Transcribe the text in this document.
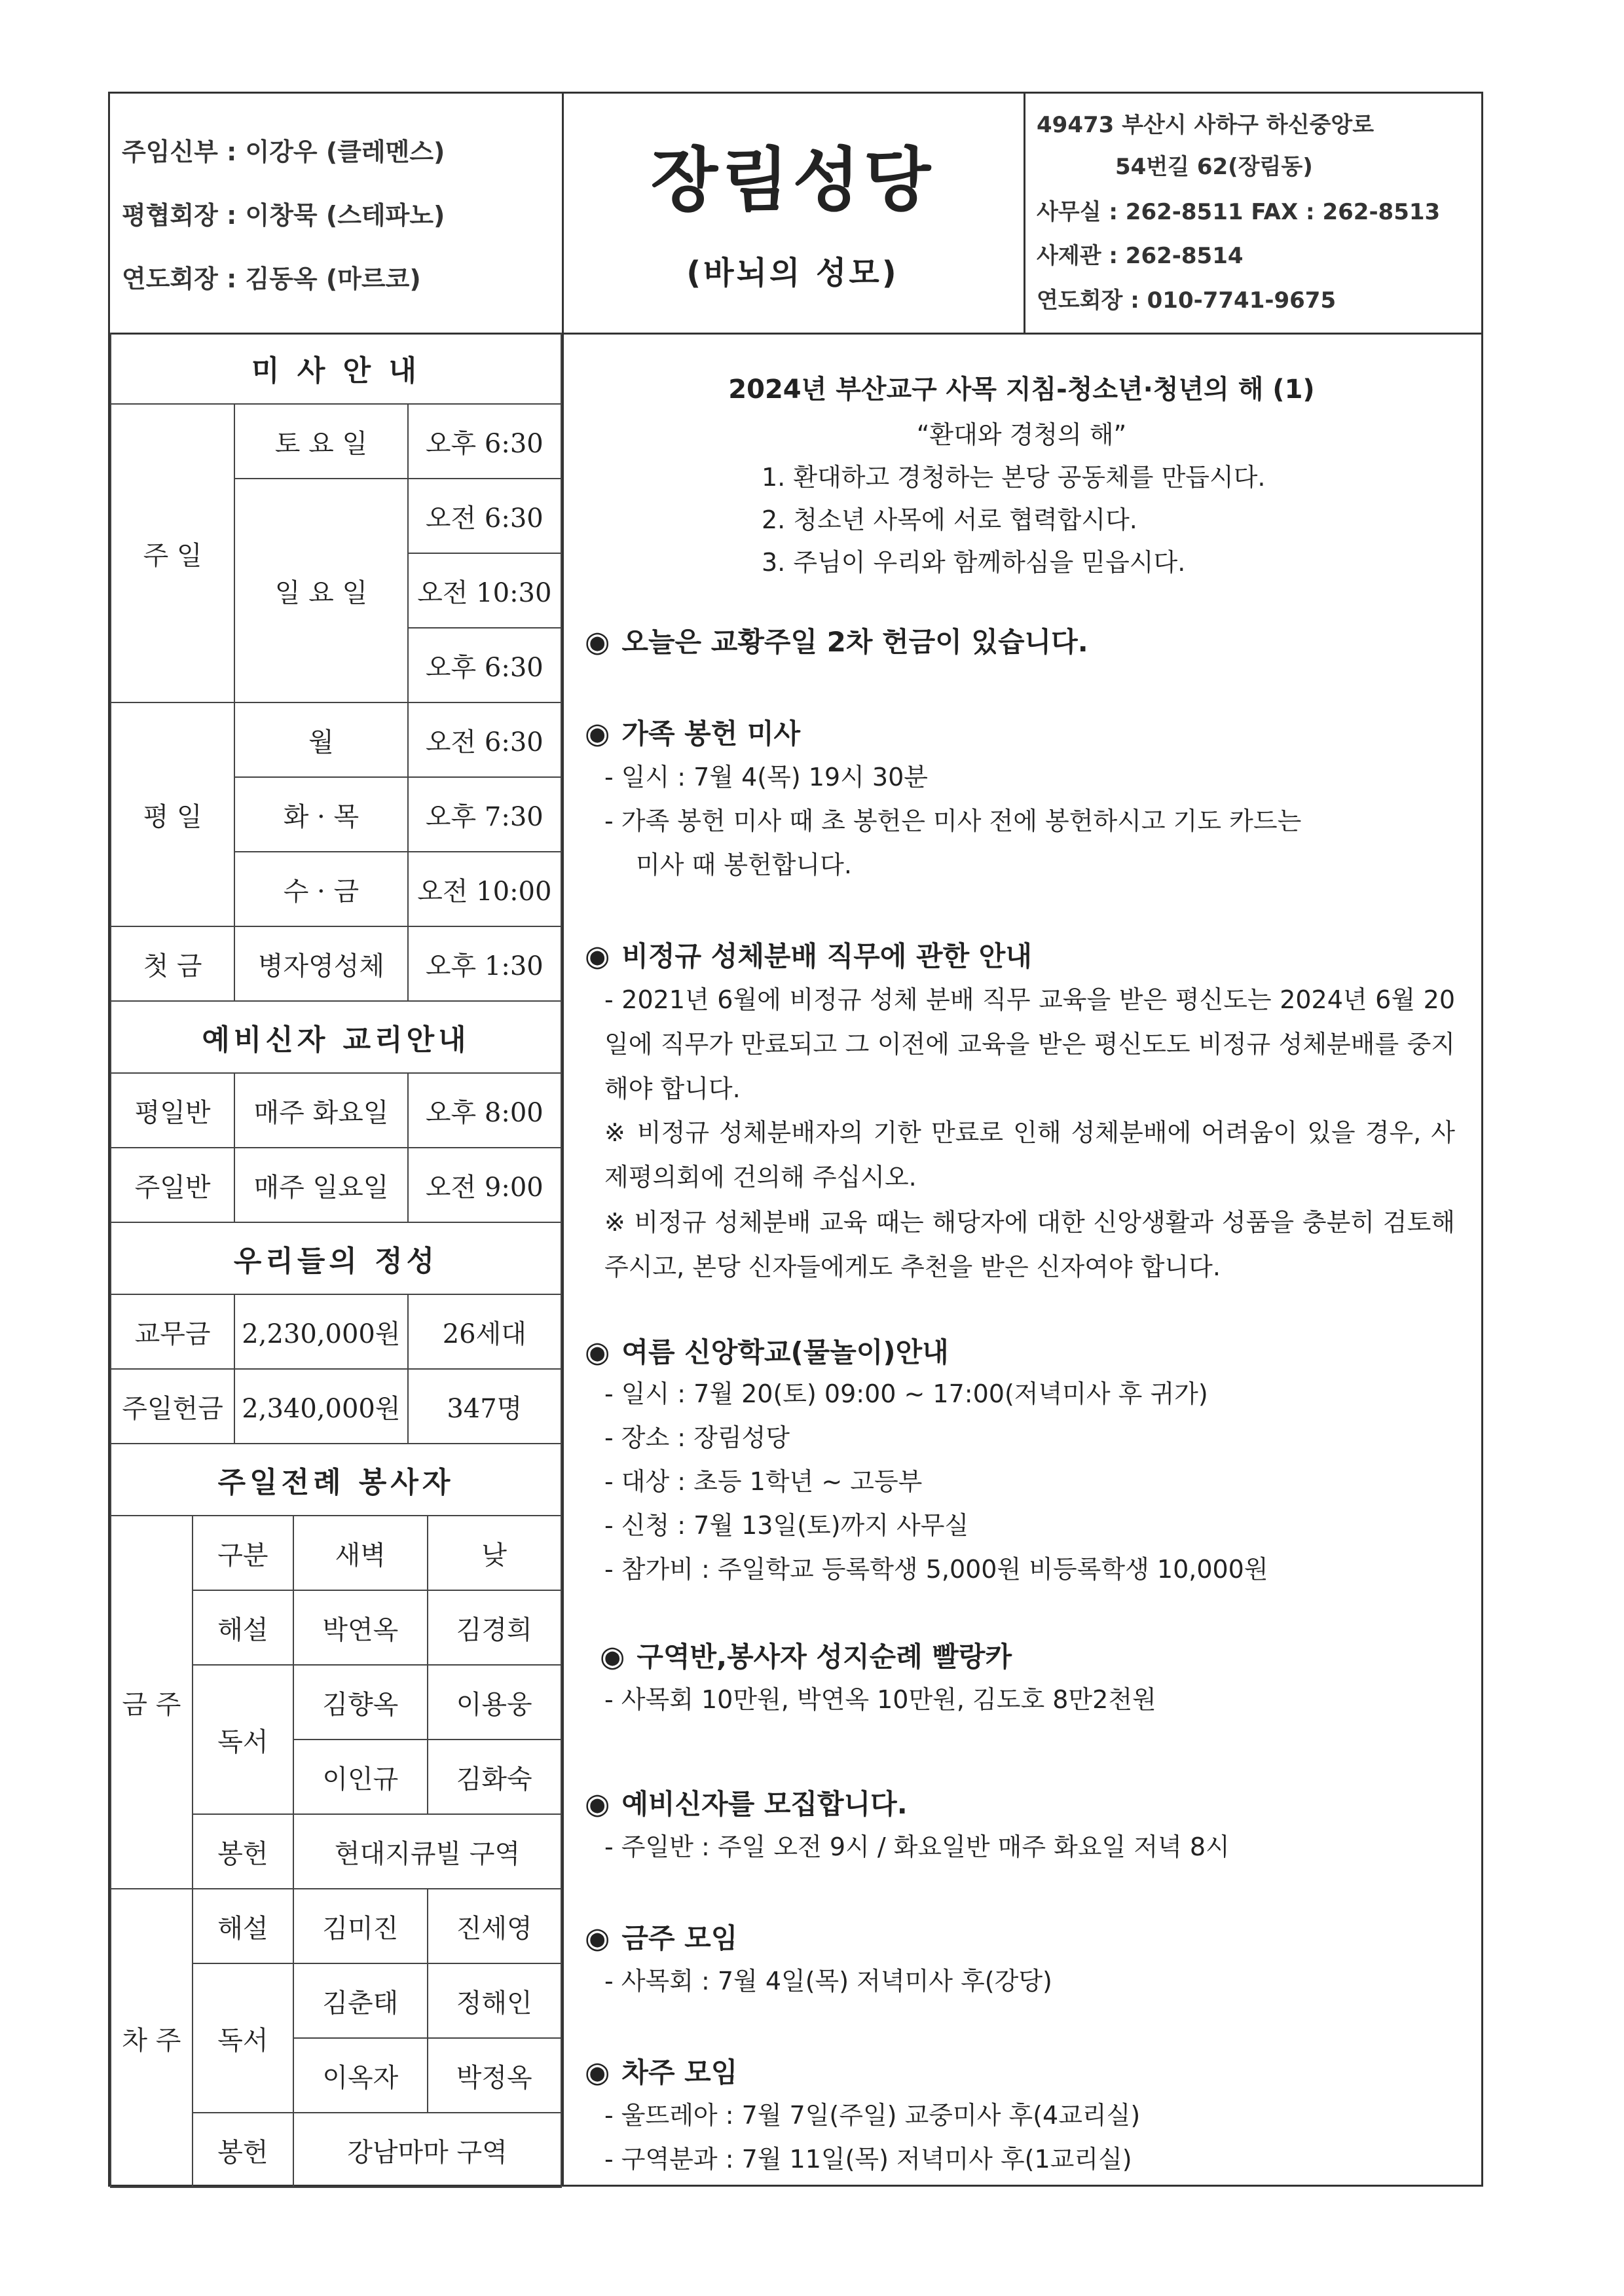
주임신부 : 이강우 (클레멘스)
평협회장 : 이창묵 (스테파노)
연도회장 : 김동옥 (마르코)
장림성당
(바뇌의 성모)
49473 부산시 사하구 하신중앙로
54번길 62(장림동)
사무실 : 262-8511 FAX : 262-8513
사제관 : 262-8514
연도회장 : 010-7741-9675
미 사 안 내		
주 일	토 요 일	오후 6:30
	일 요 일	오전 6:30
		오전 10:30
		오후 6:30
평 일	월	오전 6:30
	화 · 목	오후 7:30
	수 · 금	오전 10:00
첫 금	병자영성체	오후 1:30
예비신자 교리안내		
평일반	매주 화요일	오후 8:00
주일반	매주 일요일	오전 9:00
우리들의 정성		
교무금	2,230,000원	26세대
주일헌금	2,340,000원	347명
주일전례 봉사자		
금 주	구분	새벽	낮
	해설	박연옥	김경희
	독서	김향옥	이용웅
		이인규	김화숙
	봉헌	현대지큐빌 구역	
차 주	해설	김미진	진세영
	독서	김춘태	정해인
		이옥자	박정옥
	봉헌	강남마마 구역	
2024년 부산교구 사목 지침-청소년·청년의 해 (1)
“환대와 경청의 해”
1. 환대하고 경청하는 본당 공동체를 만듭시다.
2. 청소년 사목에 서로 협력합시다.
3. 주님이 우리와 함께하심을 믿읍시다.
◉ 오늘은 교황주일 2차 헌금이 있습니다.
◉ 가족 봉헌 미사
- 일시 : 7월 4(목) 19시 30분
- 가족 봉헌 미사 때 초 봉헌은 미사 전에 봉헌하시고 기도 카드는
미사 때 봉헌합니다.
◉ 비정규 성체분배 직무에 관한 안내
- 2021년 6월에 비정규 성체 분배 직무 교육을 받은 평신도는 2024년 6월 20일에 직무가 만료되고 그 이전에 교육을 받은 평신도도 비정규 성체분배를 중지해야 합니다.
※ 비정규 성체분배자의 기한 만료로 인해 성체분배에 어려움이 있을 경우, 사제평의회에 건의해 주십시오.
※ 비정규 성체분배 교육 때는 해당자에 대한 신앙생활과 성품을 충분히 검토해 주시고, 본당 신자들에게도 추천을 받은 신자여야 합니다.
◉ 여름 신앙학교(물놀이)안내
- 일시 : 7월 20(토) 09:00 ~ 17:00(저녁미사 후 귀가)
- 장소 : 장림성당
- 대상 : 초등 1학년 ~ 고등부
- 신청 : 7월 13일(토)까지 사무실
- 참가비 : 주일학교 등록학생 5,000원 비등록학생 10,000원
◉ 구역반,봉사자 성지순례 빨랑카
- 사목회 10만원, 박연옥 10만원, 김도호 8만2천원
◉ 예비신자를 모집합니다.
- 주일반 : 주일 오전 9시 / 화요일반 매주 화요일 저녁 8시
◉ 금주 모임
- 사목회 : 7월 4일(목) 저녁미사 후(강당)
◉ 차주 모임
- 울뜨레아 : 7월 7일(주일) 교중미사 후(4교리실)
- 구역분과 : 7월 11일(목) 저녁미사 후(1교리실)
